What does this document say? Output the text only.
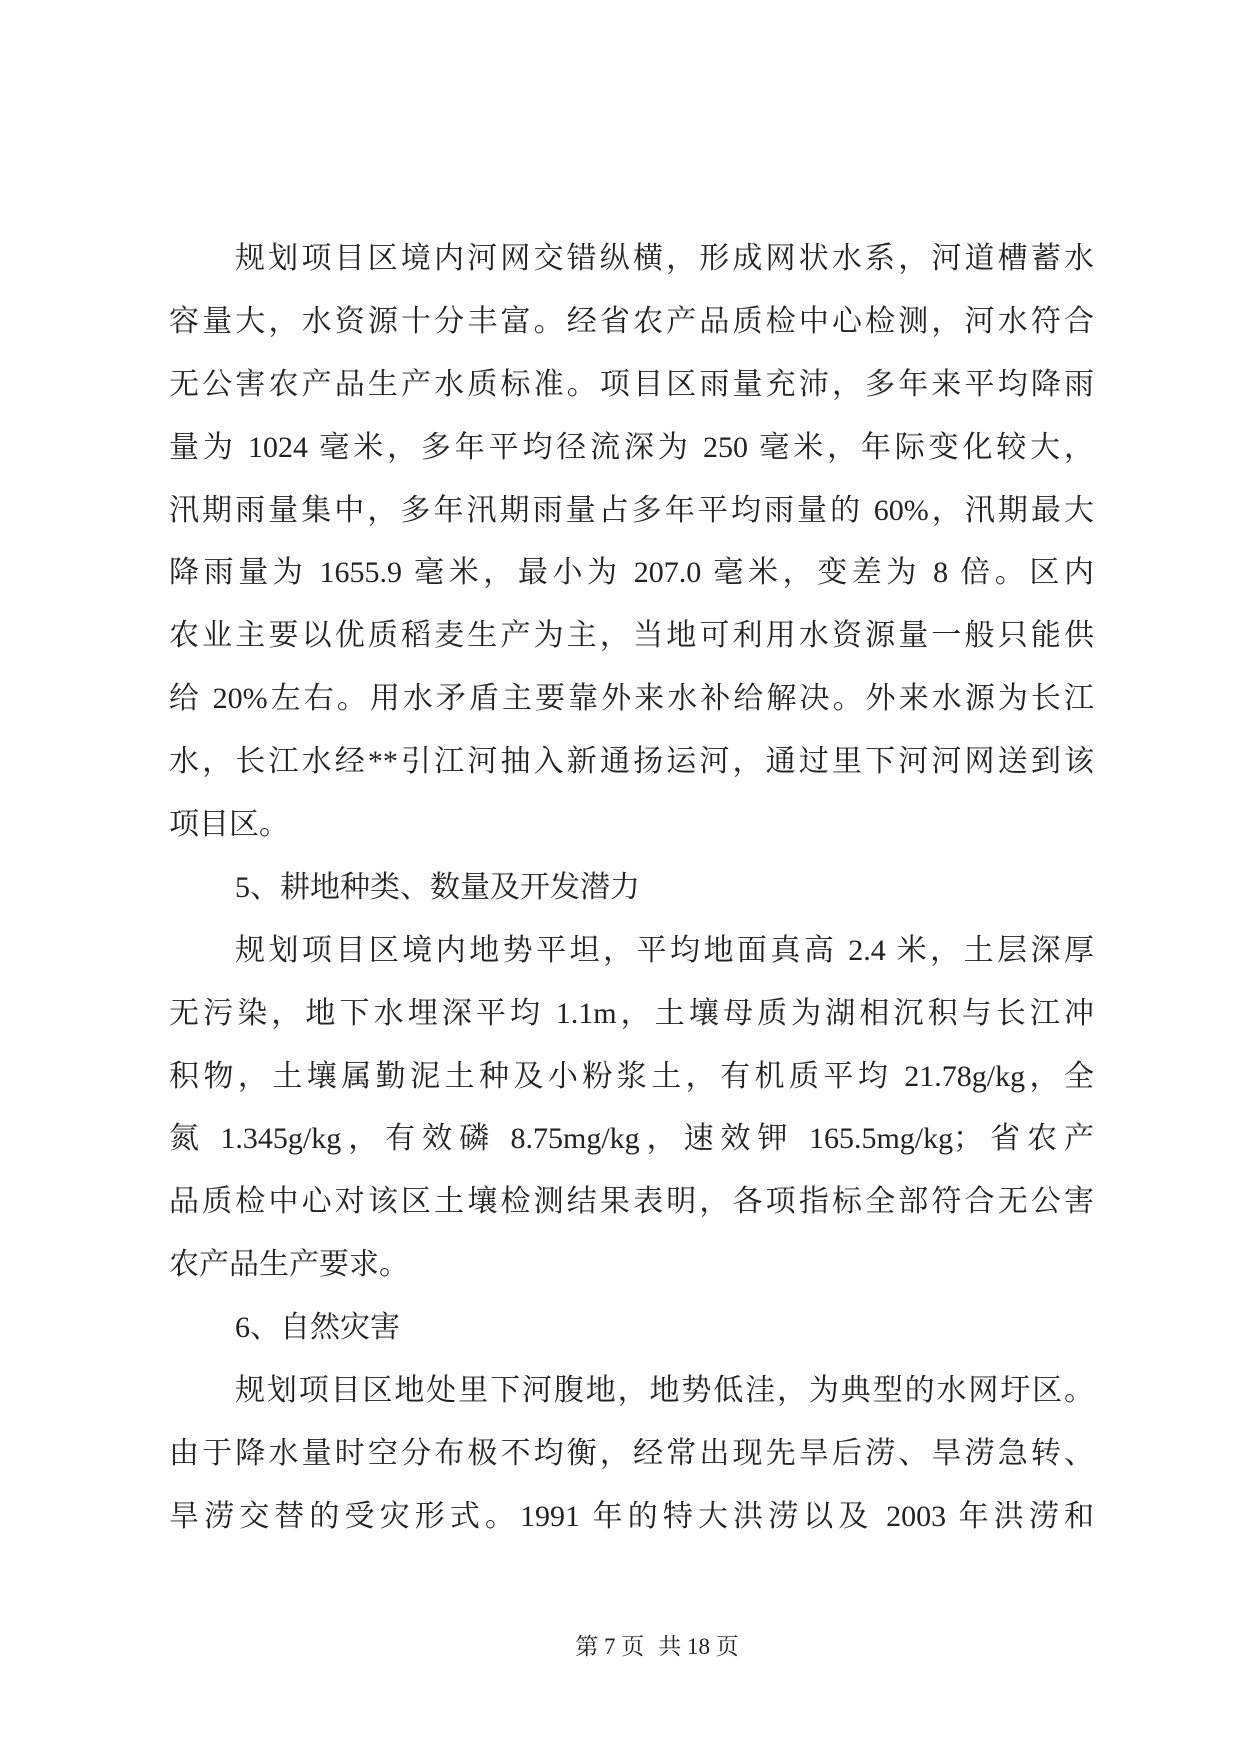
规划项目区境内河网交错纵横，形成网状水系，河道槽蓄水
容量大，水资源十分丰富。经省农产品质检中心检测，河水符合
无公害农产品生产水质标准。项目区雨量充沛，多年来平均降雨
量为 1024 毫米，多年平均径流深为 250 毫米，年际变化较大，
汛期雨量集中，多年汛期雨量占多年平均雨量的 60%，汛期最大
降雨量为 1655.9 毫米，最小为 207.0 毫米，变差为 8 倍。区内
农业主要以优质稻麦生产为主，当地可利用水资源量一般只能供
给 20%左右。用水矛盾主要靠外来水补给解决。外来水源为长江
水，长江水经**引江河抽入新通扬运河，通过里下河河网送到该
项目区。
5、耕地种类、数量及开发潜力
规划项目区境内地势平坦，平均地面真高 2.4 米，土层深厚
无污染，地下水埋深平均 1.1m，土壤母质为湖相沉积与长江冲
积物，土壤属勤泥土种及小粉浆土，有机质平均 21.78g/kg，全
氮 1.345g/kg，有效磷 8.75mg/kg，速效钾 165.5mg/kg；省农产
品质检中心对该区土壤检测结果表明，各项指标全部符合无公害
农产品生产要求。
6、自然灾害
规划项目区地处里下河腹地，地势低洼，为典型的水网圩区。
由于降水量时空分布极不均衡，经常出现先旱后涝、旱涝急转、
旱涝交替的受灾形式。1991 年的特大洪涝以及 2003 年洪涝和
第 7 页 共 18 页
